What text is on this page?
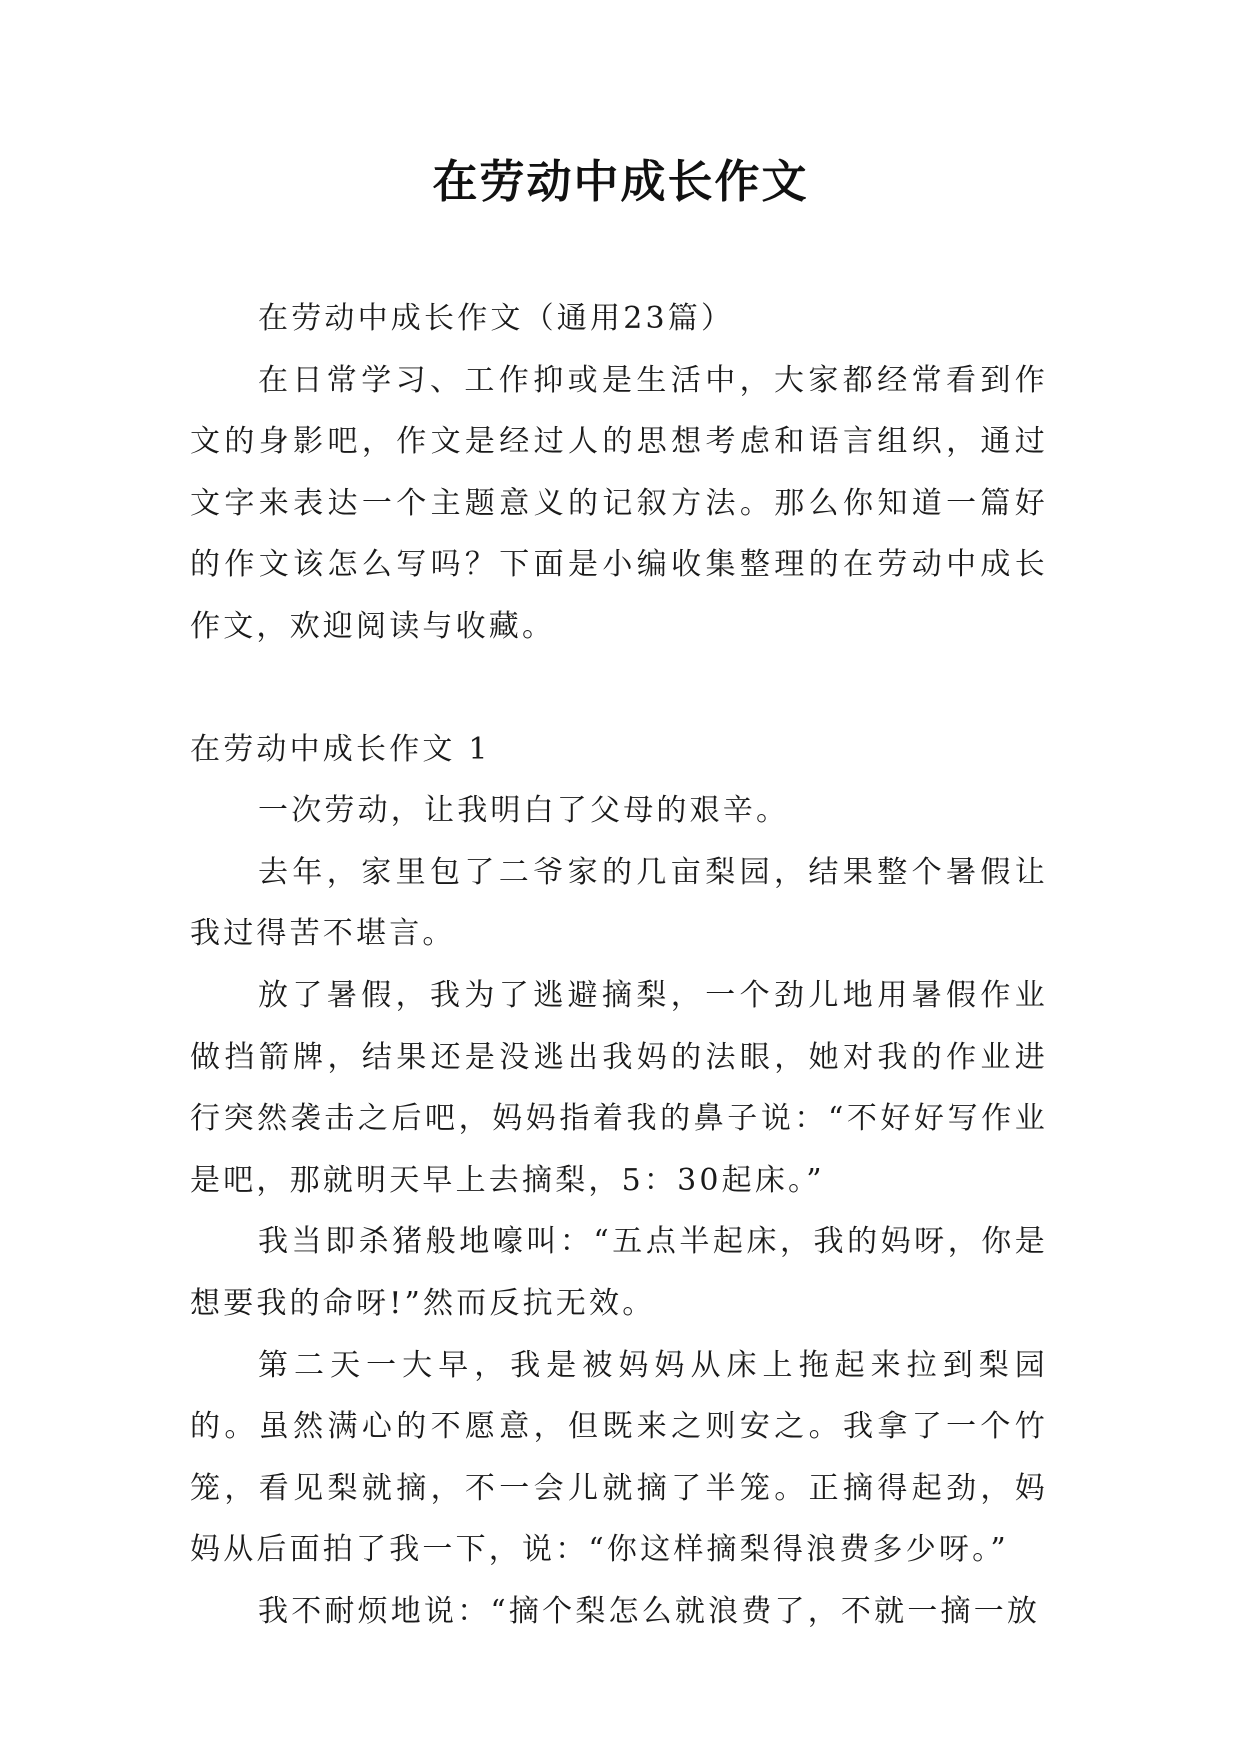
在劳动中成长作文

在劳动中成长作文（通用23篇）

在日常学习、工作抑或是生活中，大家都经常看到作文的身影吧，作文是经过人的思想考虑和语言组织，通过文字来表达一个主题意义的记叙方法。那么你知道一篇好的作文该怎么写吗？下面是小编收集整理的在劳动中成长作文，欢迎阅读与收藏。

在劳动中成长作文 1

一次劳动，让我明白了父母的艰辛。

去年，家里包了二爷家的几亩梨园，结果整个暑假让我过得苦不堪言。

放了暑假，我为了逃避摘梨，一个劲儿地用暑假作业做挡箭牌，结果还是没逃出我妈的法眼，她对我的作业进行突然袭击之后吧，妈妈指着我的鼻子说：“不好好写作业是吧，那就明天早上去摘梨，5：30起床。”

我当即杀猪般地嚎叫：“五点半起床，我的妈呀，你是想要我的命呀!”然而反抗无效。

第二天一大早，我是被妈妈从床上拖起来拉到梨园的。虽然满心的不愿意，但既来之则安之。我拿了一个竹笼，看见梨就摘，不一会儿就摘了半笼。正摘得起劲，妈妈从后面拍了我一下，说：“你这样摘梨得浪费多少呀。”

我不耐烦地说：“摘个梨怎么就浪费了，不就一摘一放
